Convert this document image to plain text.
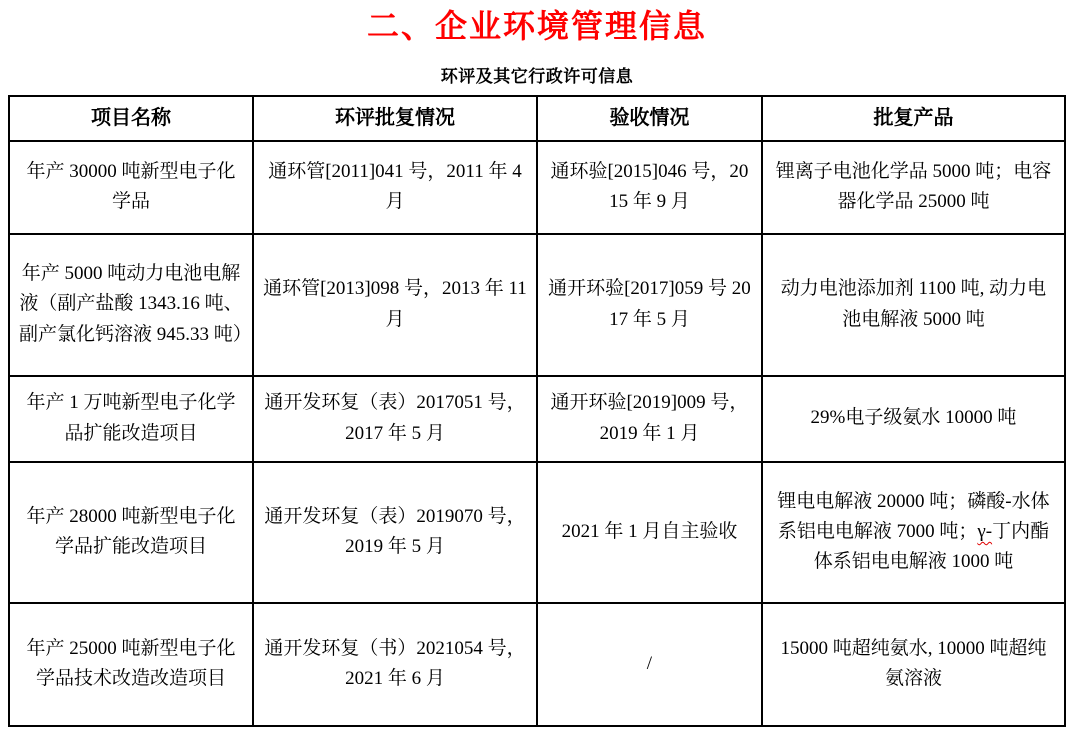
二、企业环境管理信息
环评及其它行政许可信息
项目名称	环评批复情况	验收情况	批复产品
年产 30000 吨新型电子化学品	通环管[2011]041 号，2011 年 4 月	通环验[2015]046 号，2015 年 9 月	锂离子电池化学品 5000 吨；电容器化学品 25000 吨
年产 5000 吨动力电池电解液（副产盐酸 1343.16 吨、副产氯化钙溶液 945.33 吨）	通环管[2013]098 号，2013 年 11 月	通开环验[2017]059 号 2017 年 5 月	动力电池添加剂 1100 吨, 动力电池电解液 5000 吨
年产 1 万吨新型电子化学品扩能改造项目	通开发环复（表）2017051 号，2017 年 5 月	通开环验[2019]009 号，2019 年 1 月	29%电子级氨水 10000 吨
年产 28000 吨新型电子化学品扩能改造项目	通开发环复（表）2019070 号，2019 年 5 月	2021 年 1 月自主验收	锂电电解液 20000 吨；磷酸-水体系铝电电解液 7000 吨；γ-丁内酯体系铝电电解液 1000 吨
年产 25000 吨新型电子化学品技术改造改造项目	通开发环复（书）2021054 号，2021 年 6 月	/	15000 吨超纯氨水, 10000 吨超纯氨溶液
